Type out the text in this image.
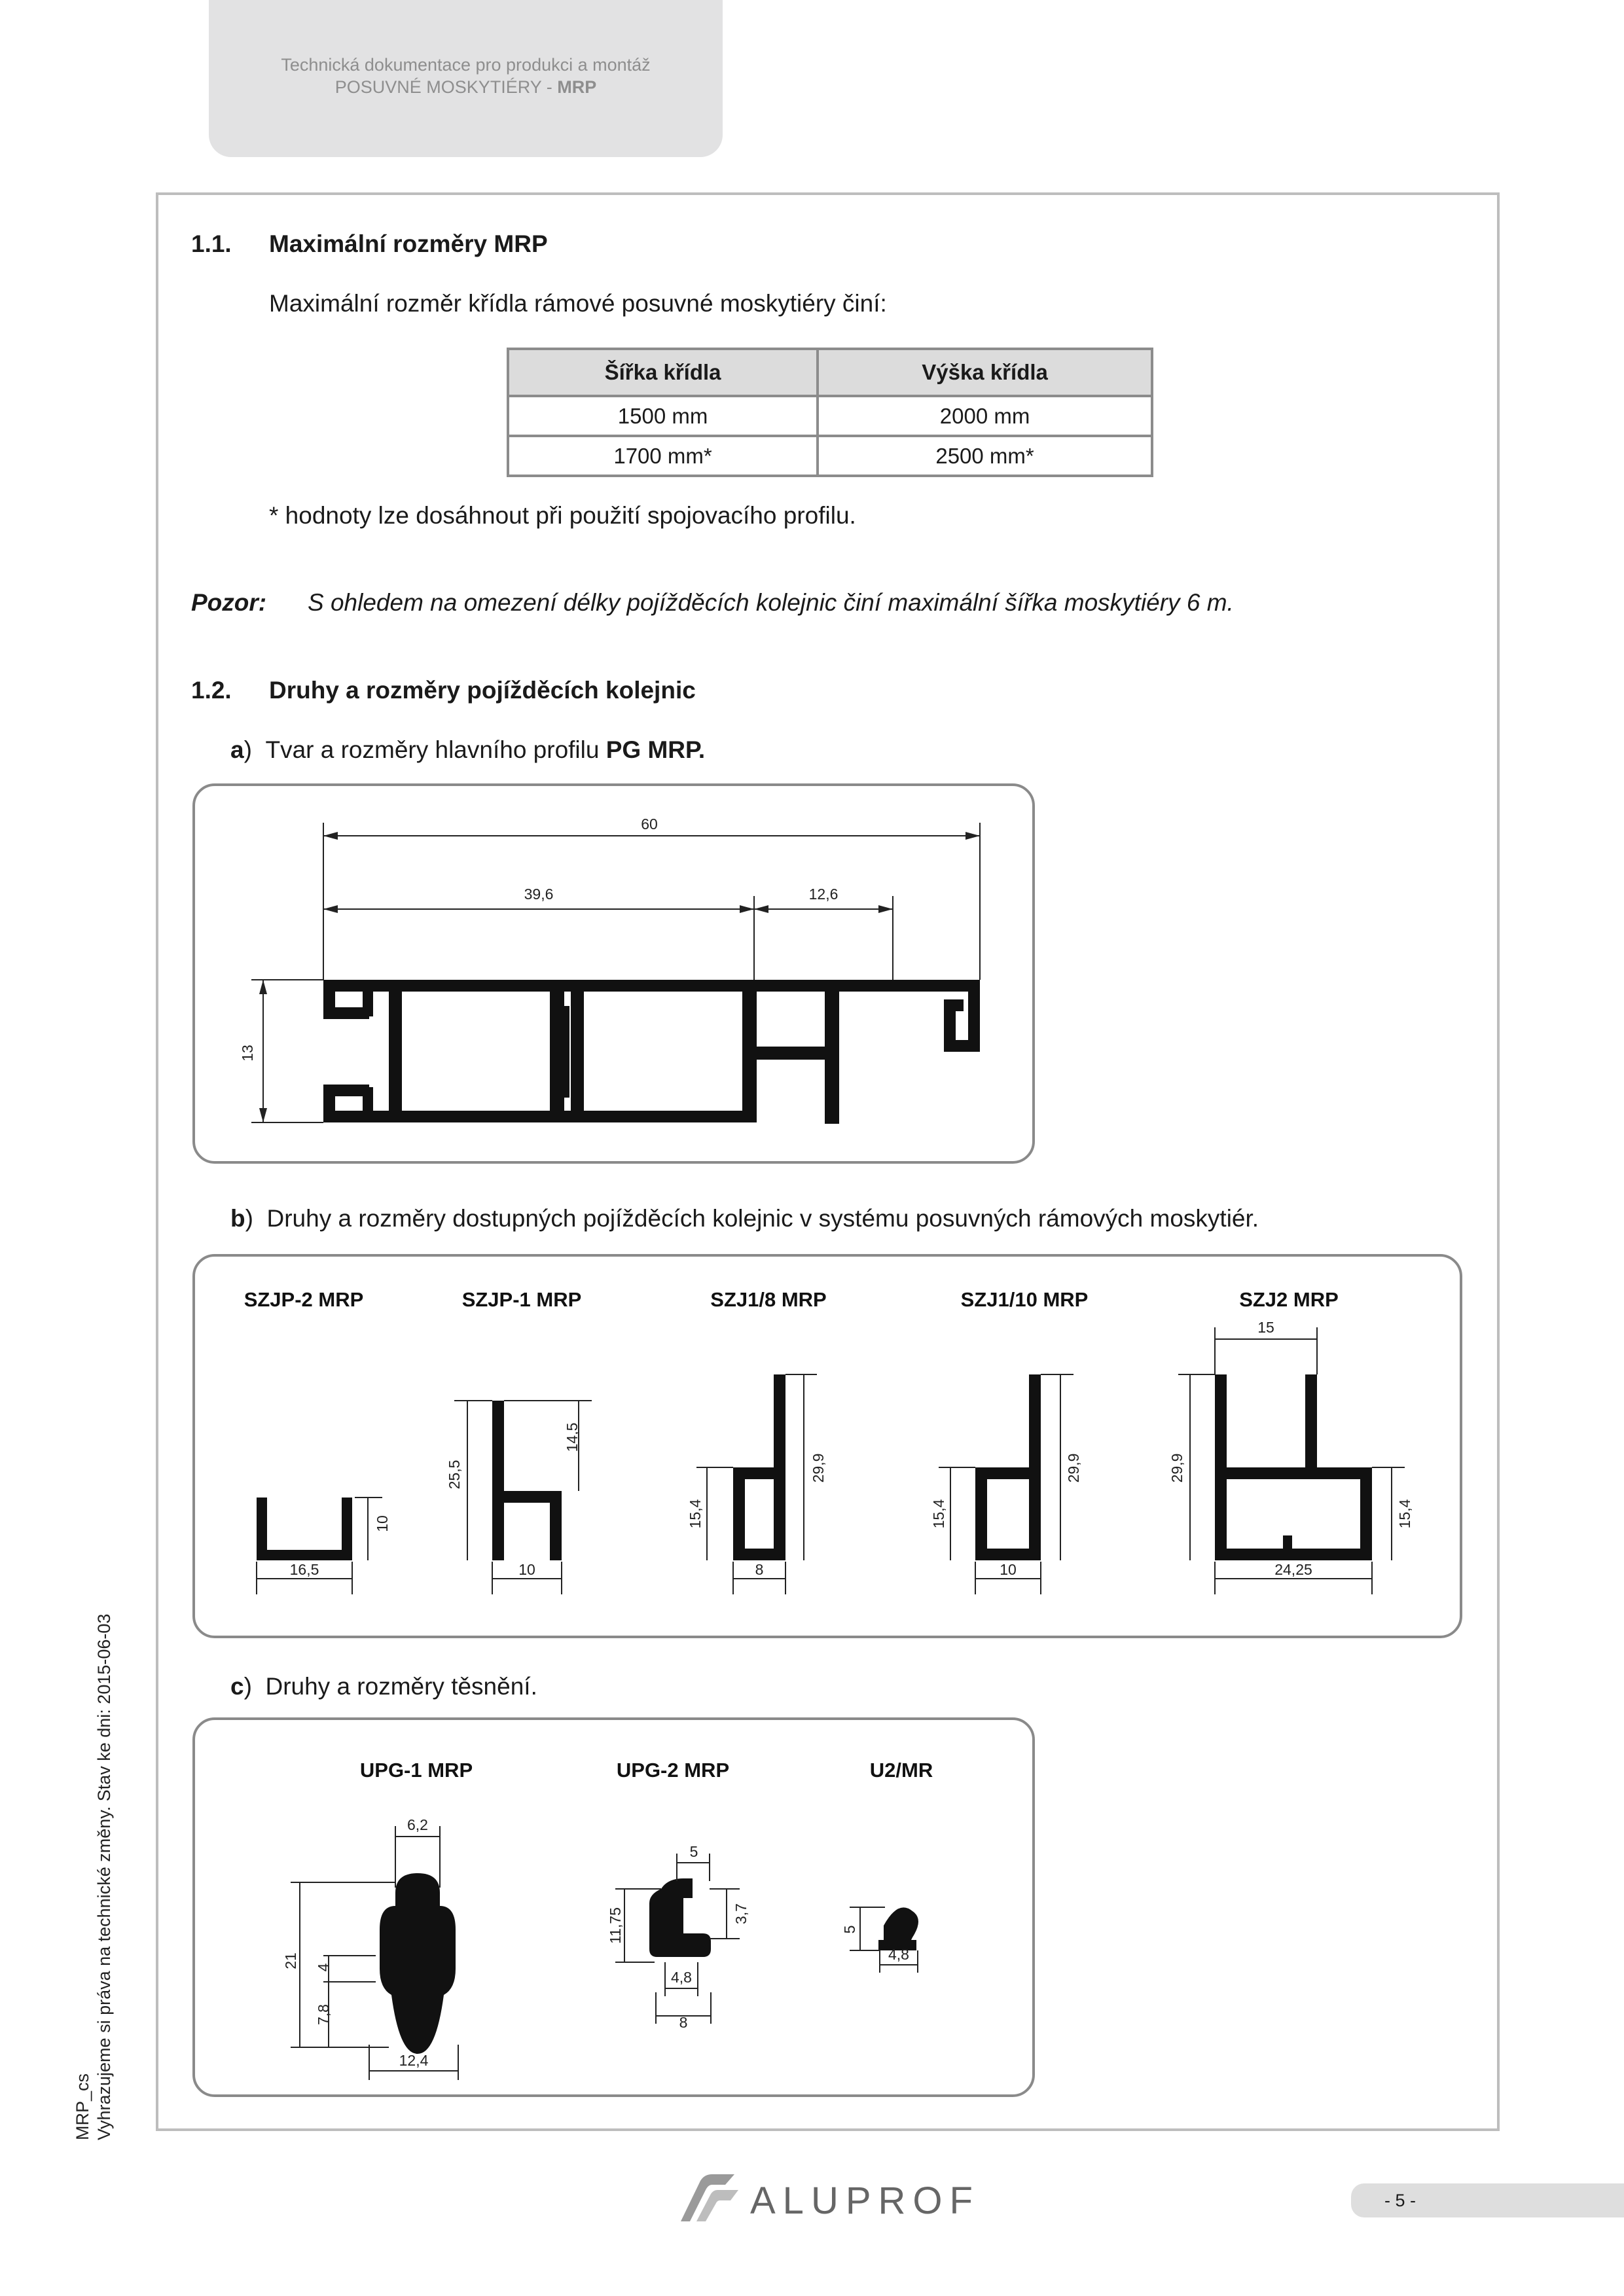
Technická dokumentace pro produkci a montáž
POSUVNÉ MOSKYTIÉRY - MRP
1.1. Maximální rozměry MRP
Maximální rozměr křídla rámové posuvné moskytiéry činí:
Šířka křídla	Výška křídla
1500 mm	2000 mm
1700 mm*	2500 mm*
* hodnoty lze dosáhnout při použití spojovacího profilu.
Pozor: S ohledem na omezení délky pojížděcích kolejnic činí maximální šířka moskytiéry 6 m.
1.2. Druhy a rozměry pojížděcích kolejnic
a)  Tvar a rozměry hlavního profilu PG MRP.
60
39,6	12,6
13
b)  Druhy a rozměry dostupných pojížděcích kolejnic v systému posuvných rámových moskytiér.
SZJP-2 MRP	SZJP-1 MRP	SZJ1/8 MRP	SZJ1/10 MRP	SZJ2 MRP
16,5
10
10
25,5
14,5
8
15,4
29,9
10
15,4
29,9
15
24,25
29,9
15,4
c)  Druhy a rozměry těsnění.
UPG-1 MRP	UPG-2 MRP	U2/MR
6,2
21 4
7,8
12,4
5
11,75	3,7
4,8
8
5
4,8
MRP_cs Vyhrazujeme si práva na technické změny. Stav ke dni: 2015-06-03
ALUPROF	- 5 -
